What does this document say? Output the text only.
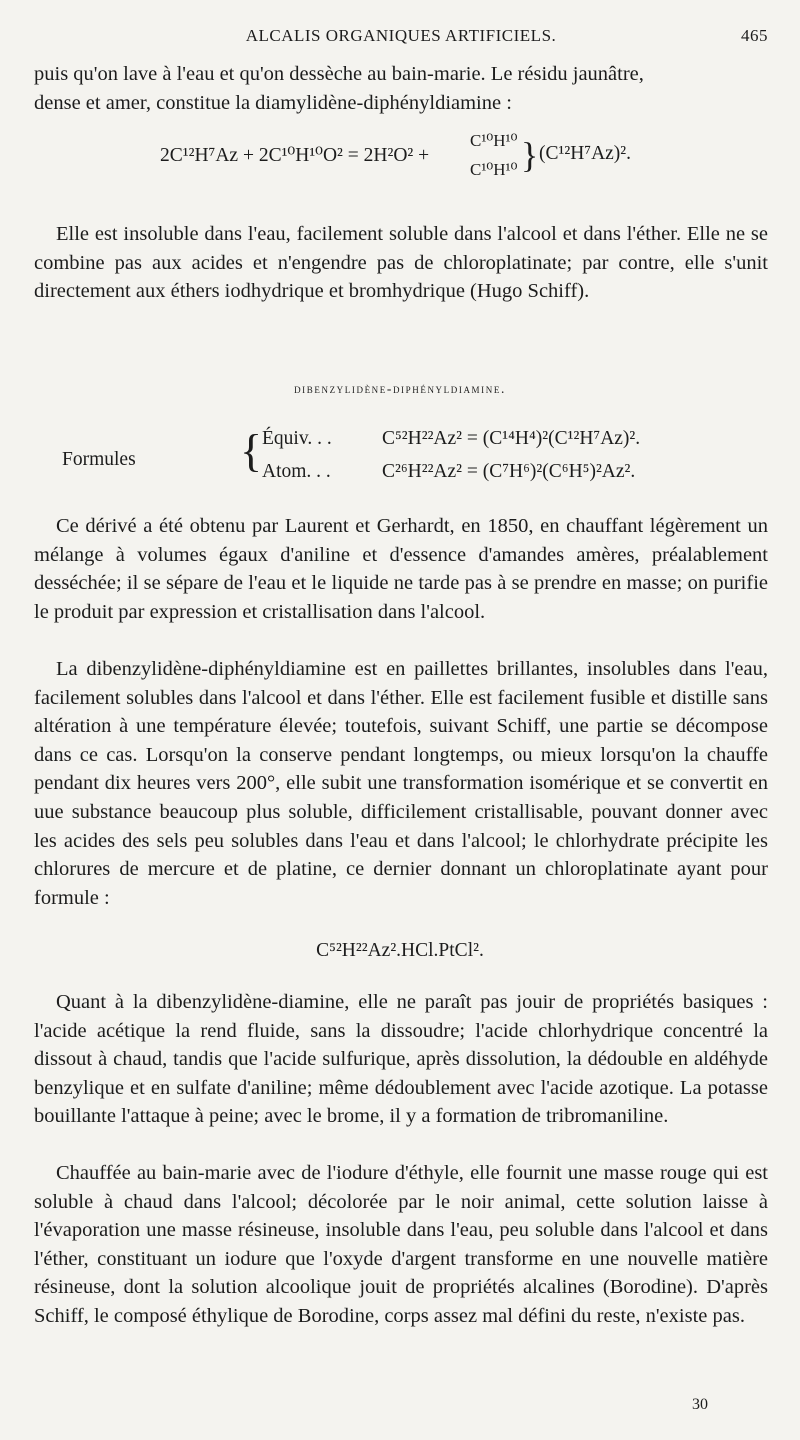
ALCALIS ORGANIQUES ARTIFICIELS.	465

puis qu'on lave à l'eau et qu'on dessèche au bain-marie. Le résidu jaunâtre,

dense et amer, constitue la diamylidène-diphényldiamine :

2C¹²H⁷Az + 2C¹⁰H¹⁰O² = 2H²O² +
C¹⁰H¹⁰
C¹⁰H¹⁰ } (C¹²H⁷Az)².

Elle est insoluble dans l'eau, facilement soluble dans l'alcool et dans l'éther. Elle ne se combine pas aux acides et n'engendre pas de chloroplatinate; par contre, elle s'unit directement aux éthers iodhydrique et bromhydrique (Hugo Schiff).

dibenzylidène-diphényldiamine.
Formules { Équiv. . .	C⁵²H²²Az² = (C¹⁴H⁴)²(C¹²H⁷Az)².
Atom. . .	C²⁶H²²Az² = (C⁷H⁶)²(C⁶H⁵)²Az².

Ce dérivé a été obtenu par Laurent et Gerhardt, en 1850, en chauffant légèrement un mélange à volumes égaux d'aniline et d'essence d'amandes amères, préalablement desséchée; il se sépare de l'eau et le liquide ne tarde pas à se prendre en masse; on purifie le produit par expression et cristallisation dans l'alcool.

La dibenzylidène-diphényldiamine est en paillettes brillantes, insolubles dans l'eau, facilement solubles dans l'alcool et dans l'éther. Elle est facilement fusible et distille sans altération à une température élevée; toutefois, suivant Schiff, une partie se décompose dans ce cas. Lorsqu'on la conserve pendant longtemps, ou mieux lorsqu'on la chauffe pendant dix heures vers 200°, elle subit une transformation isomérique et se convertit en uue substance beaucoup plus soluble, difficilement cristallisable, pouvant donner avec les acides des sels peu solubles dans l'eau et dans l'alcool; le chlorhydrate précipite les chlorures de mercure et de platine, ce dernier donnant un chloroplatinate ayant pour formule :

C⁵²H²²Az².HCl.PtCl².

Quant à la dibenzylidène-diamine, elle ne paraît pas jouir de propriétés basiques : l'acide acétique la rend fluide, sans la dissoudre; l'acide chlorhydrique concentré la dissout à chaud, tandis que l'acide sulfurique, après dissolution, la dédouble en aldéhyde benzylique et en sulfate d'aniline; même dédoublement avec l'acide azotique. La potasse bouillante l'attaque à peine; avec le brome, il y a formation de tribromaniline.

Chauffée au bain-marie avec de l'iodure d'éthyle, elle fournit une masse rouge qui est soluble à chaud dans l'alcool; décolorée par le noir animal, cette solution laisse à l'évaporation une masse résineuse, insoluble dans l'eau, peu soluble dans l'alcool et dans l'éther, constituant un iodure que l'oxyde d'argent transforme en une nouvelle matière résineuse, dont la solution alcoolique jouit de propriétés alcalines (Borodine). D'après Schiff, le composé éthylique de Borodine, corps assez mal défini du reste, n'existe pas.

30
